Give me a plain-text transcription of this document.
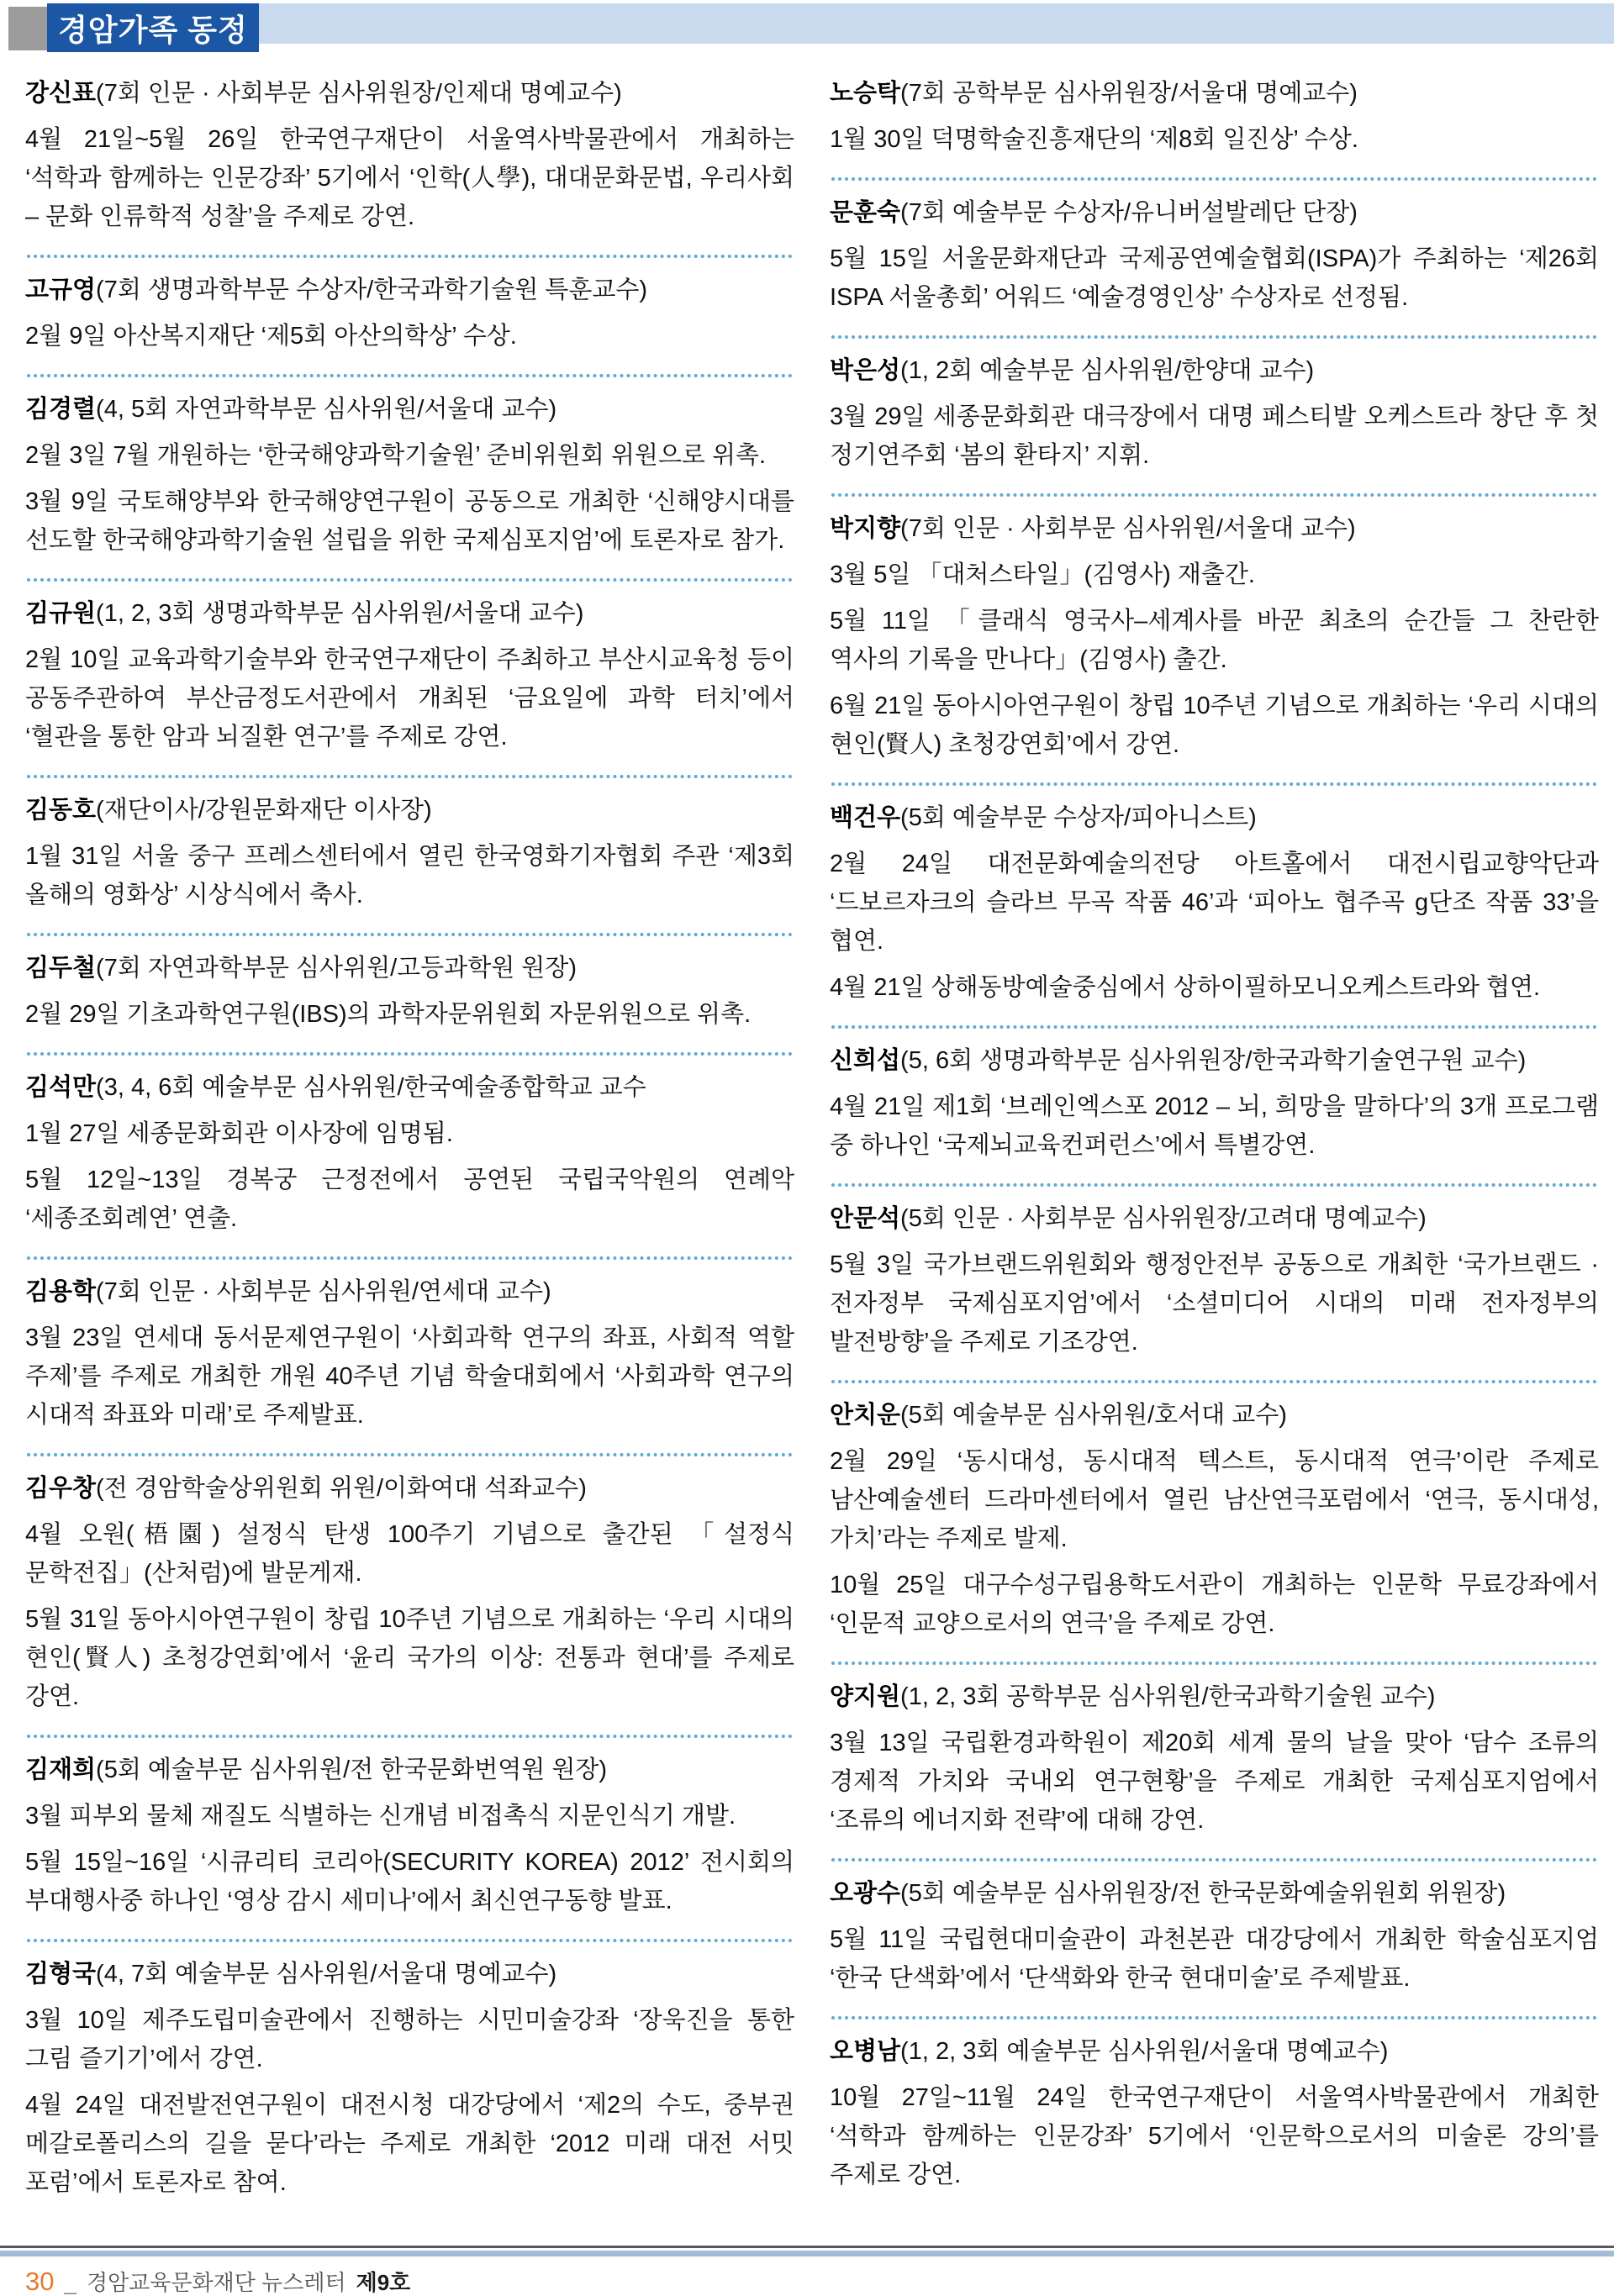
경암가족 동정
강신표(7회 인문 · 사회부문 심사위원장/인제대 명예교수)

4월 21일~5월 26일 한국연구재단이 서울역사박물관에서 개최하는 ‘석학과 함께하는 인문강좌’ 5기에서 ‘인학(人學), 대대문화문법, 우리사회 – 문화 인류학적 성찰’을 주제로 강연.

고규영(7회 생명과학부문 수상자/한국과학기술원 특훈교수)

2월 9일 아산복지재단 ‘제5회 아산의학상’ 수상.

김경렬(4, 5회 자연과학부문 심사위원/서울대 교수)

2월 3일 7월 개원하는 ‘한국해양과학기술원’ 준비위원회 위원으로 위촉.

3월 9일 국토해양부와 한국해양연구원이 공동으로 개최한 ‘신해양시대를 선도할 한국해양과학기술원 설립을 위한 국제심포지엄’에 토론자로 참가.

김규원(1, 2, 3회 생명과학부문 심사위원/서울대 교수)

2월 10일 교육과학기술부와 한국연구재단이 주최하고 부산시교육청 등이 공동주관하여 부산금정도서관에서 개최된 ‘금요일에 과학 터치’에서 ‘혈관을 통한 암과 뇌질환 연구’를 주제로 강연.

김동호(재단이사/강원문화재단 이사장)

1월 31일 서울 중구 프레스센터에서 열린 한국영화기자협회 주관 ‘제3회 올해의 영화상’ 시상식에서 축사.

김두철(7회 자연과학부문 심사위원/고등과학원 원장)

2월 29일 기초과학연구원(IBS)의 과학자문위원회 자문위원으로 위촉.

김석만(3, 4, 6회 예술부문 심사위원/한국예술종합학교 교수

1월 27일 세종문화회관 이사장에 임명됨.

5월 12일~13일 경복궁 근정전에서 공연된 국립국악원의 연례악 ‘세종조회례연’ 연출.

김용학(7회 인문 · 사회부문 심사위원/연세대 교수)

3월 23일 연세대 동서문제연구원이 ‘사회과학 연구의 좌표, 사회적 역할 주제’를 주제로 개최한 개원 40주년 기념 학술대회에서 ‘사회과학 연구의 시대적 좌표와 미래’로 주제발표.

김우창(전 경암학술상위원회 위원/이화여대 석좌교수)

4월 오원(梧園) 설정식 탄생 100주기 기념으로 출간된 「설정식 문학전집」(산처럼)에 발문게재.

5월 31일 동아시아연구원이 창립 10주년 기념으로 개최하는 ‘우리 시대의 현인(賢人) 초청강연회’에서 ‘윤리 국가의 이상: 전통과 현대’를 주제로 강연.

김재희(5회 예술부문 심사위원/전 한국문화번역원 원장)

3월 피부외 물체 재질도 식별하는 신개념 비접촉식 지문인식기 개발.

5월 15일~16일 ‘시큐리티 코리아(SECURITY KOREA) 2012’ 전시회의 부대행사중 하나인 ‘영상 감시 세미나’에서 최신연구동향 발표.

김형국(4, 7회 예술부문 심사위원/서울대 명예교수)

3월 10일 제주도립미술관에서 진행하는 시민미술강좌 ‘장욱진을 통한 그림 즐기기’에서 강연.

4월 24일 대전발전연구원이 대전시청 대강당에서 ‘제2의 수도, 중부권 메갈로폴리스의 길을 묻다’라는 주제로 개최한 ‘2012 미래 대전 서밋 포럼’에서 토론자로 참여.

노승탁(7회 공학부문 심사위원장/서울대 명예교수)

1월 30일 덕명학술진흥재단의 ‘제8회 일진상’ 수상.

문훈숙(7회 예술부문 수상자/유니버설발레단 단장)

5월 15일 서울문화재단과 국제공연예술협회(ISPA)가 주최하는 ‘제26회 ISPA 서울총회’ 어워드 ‘예술경영인상’ 수상자로 선정됨.

박은성(1, 2회 예술부문 심사위원/한양대 교수)

3월 29일 세종문화회관 대극장에서 대명 페스티발 오케스트라 창단 후 첫 정기연주회 ‘봄의 환타지’ 지휘.

박지향(7회 인문 · 사회부문 심사위원/서울대 교수)

3월 5일 「대처스타일」(김영사) 재출간.

5월 11일 「클래식 영국사–세계사를 바꾼 최초의 순간들 그 찬란한 역사의 기록을 만나다」(김영사) 출간.

6월 21일 동아시아연구원이 창립 10주년 기념으로 개최하는 ‘우리 시대의 현인(賢人) 초청강연회’에서 강연.

백건우(5회 예술부문 수상자/피아니스트)

2월 24일 대전문화예술의전당 아트홀에서 대전시립교향악단과 ‘드보르자크의 슬라브 무곡 작품 46’과 ‘피아노 협주곡 g단조 작품 33’을 협연.

4월 21일 상해동방예술중심에서 상하이필하모니오케스트라와 협연.

신희섭(5, 6회 생명과학부문 심사위원장/한국과학기술연구원 교수)

4월 21일 제1회 ‘브레인엑스포 2012 – 뇌, 희망을 말하다’의 3개 프로그램 중 하나인 ‘국제뇌교육컨퍼런스’에서 특별강연.

안문석(5회 인문 · 사회부문 심사위원장/고려대 명예교수)

5월 3일 국가브랜드위원회와 행정안전부 공동으로 개최한 ‘국가브랜드 · 전자정부 국제심포지엄’에서 ‘소셜미디어 시대의 미래 전자정부의 발전방향’을 주제로 기조강연.

안치운(5회 예술부문 심사위원/호서대 교수)

2월 29일 ‘동시대성, 동시대적 텍스트, 동시대적 연극’이란 주제로 남산예술센터 드라마센터에서 열린 남산연극포럼에서 ‘연극, 동시대성, 가치’라는 주제로 발제.

10월 25일 대구수성구립용학도서관이 개최하는 인문학 무료강좌에서 ‘인문적 교양으로서의 연극’을 주제로 강연.

양지원(1, 2, 3회 공학부문 심사위원/한국과학기술원 교수)

3월 13일 국립환경과학원이 제20회 세계 물의 날을 맞아 ‘담수 조류의 경제적 가치와 국내외 연구현황’을 주제로 개최한 국제심포지엄에서 ‘조류의 에너지화 전략’에 대해 강연.

오광수(5회 예술부문 심사위원장/전 한국문화예술위원회 위원장)

5월 11일 국립현대미술관이 과천본관 대강당에서 개최한 학술심포지엄 ‘한국 단색화’에서 ‘단색화와 한국 현대미술’로 주제발표.

오병남(1, 2, 3회 예술부문 심사위원/서울대 명예교수)

10월 27일~11월 24일 한국연구재단이 서울역사박물관에서 개최한 ‘석학과 함께하는 인문강좌’ 5기에서 ‘인문학으로서의 미술론 강의’를 주제로 강연.

30 _ 경암교육문화재단 뉴스레터 제9호
